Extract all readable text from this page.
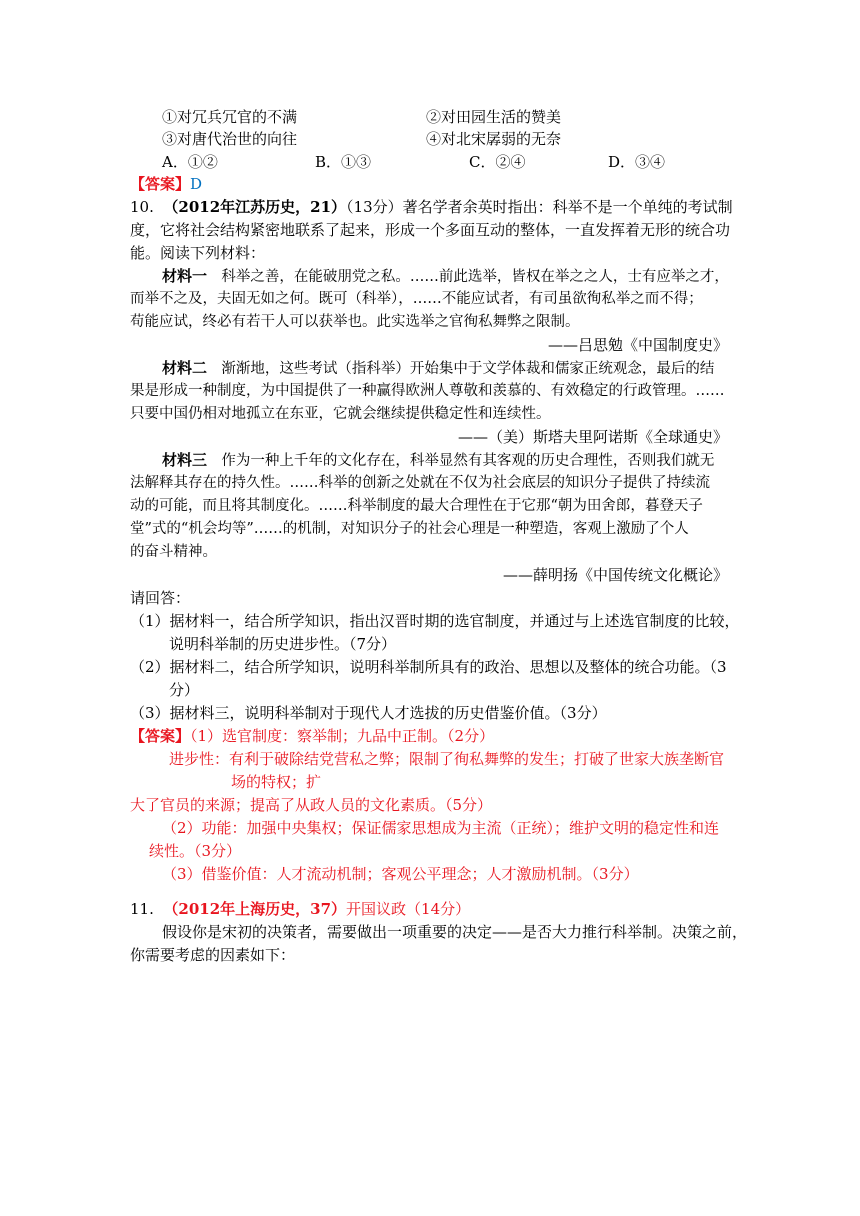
①对冗兵冗官的不满	②对田园生活的赞美
③对唐代治世的向往	④对北宋孱弱的无奈
A．①②	B．①③	C．②④	D．③④
【答案】D
10. （2012年江苏历史，21）（13分）著名学者余英时指出：科举不是一个单纯的考试制
度，它将社会结构紧密地联系了起来，形成一个多面互动的整体，一直发挥着无形的统合功
能。阅读下列材料：
材料一 科举之善，在能破朋党之私。……前此选举，皆权在举之之人，士有应举之才，
而举不之及，夫固无如之何。既可（科举），……不能应试者，有司虽欲徇私举之而不得；
苟能应试，终必有若干人可以获举也。此实选举之官徇私舞弊之限制。
——吕思勉《中国制度史》
材料二 渐渐地，这些考试（指科举）开始集中于文学体裁和儒家正统观念，最后的结
果是形成一种制度，为中国提供了一种赢得欧洲人尊敬和羡慕的、有效稳定的行政管理。……
只要中国仍相对地孤立在东亚，它就会继续提供稳定性和连续性。
——（美）斯塔夫里阿诺斯《全球通史》
材料三 作为一种上千年的文化存在，科举显然有其客观的历史合理性，否则我们就无
法解释其存在的持久性。……科举的创新之处就在不仅为社会底层的知识分子提供了持续流
动的可能，而且将其制度化。……科举制度的最大合理性在于它那“朝为田舍郎，暮登天子
堂”式的“机会均等”……的机制，对知识分子的社会心理是一种塑造，客观上激励了个人
的奋斗精神。
——薛明扬《中国传统文化概论》
请回答：
（1）据材料一，结合所学知识，指出汉晋时期的选官制度，并通过与上述选官制度的比较，
说明科举制的历史进步性。（7分）
（2）据材料二，结合所学知识，说明科举制所具有的政治、思想以及整体的统合功能。（3
分）
（3）据材料三，说明科举制对于现代人才选拔的历史借鉴价值。（3分）
【答案】（1）选官制度：察举制；九品中正制。（2分）
进步性：有利于破除结党营私之弊；限制了徇私舞弊的发生；打破了世家大族垄断官
场的特权；扩
大了官员的来源；提高了从政人员的文化素质。（5分）
（2）功能：加强中央集权；保证儒家思想成为主流（正统）；维护文明的稳定性和连
续性。（3分）
（3）借鉴价值：人才流动机制；客观公平理念；人才激励机制。（3分）
11. （2012年上海历史，37）开国议政（14分）
假设你是宋初的决策者，需要做出一项重要的决定——是否大力推行科举制。决策之前，
你需要考虑的因素如下：
